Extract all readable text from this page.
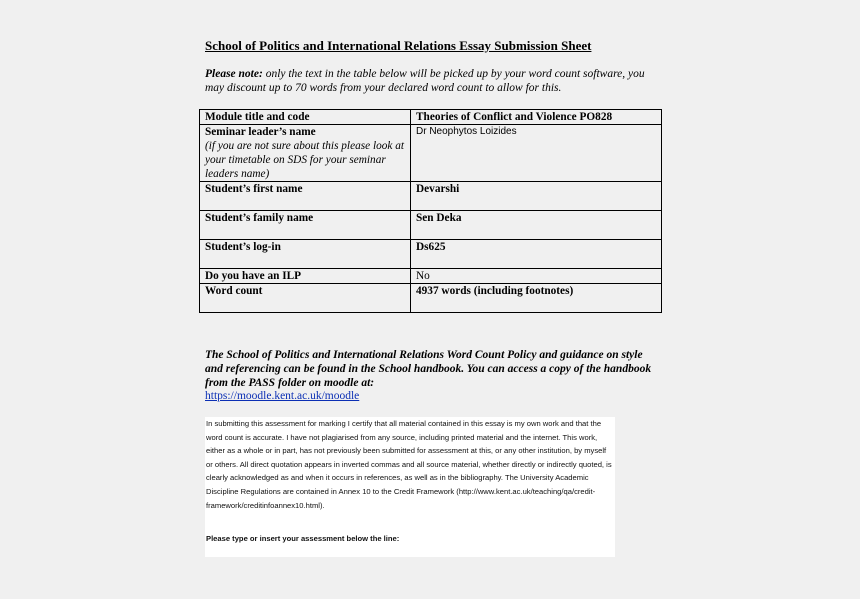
School of Politics and International Relations Essay Submission Sheet
Please note: only the text in the table below will be picked up by your word count software, you may discount up to 70 words from your declared word count to allow for this.
Module title and code	Theories of Conflict and Violence PO828
Seminar leader’s name
(if you are not sure about this please look at your timetable on SDS for your seminar leaders name)	Dr Neophytos Loizides
Student’s first name	Devarshi
Student’s family name	Sen Deka
Student’s log-in	Ds625
Do you have an ILP	No
Word count	4937 words (including footnotes)
The School of Politics and International Relations Word Count Policy and guidance on style and referencing can be found in the School handbook. You can access a copy of the handbook from the PASS folder on moodle at:
https://moodle.kent.ac.uk/moodle
In submitting this assessment for marking I certify that all material contained in this essay is my own work and that the word count is accurate. I have not plagiarised from any source, including printed material and the internet. This work, either as a whole or in part, has not previously been submitted for assessment at this, or any other institution, by myself or others. All direct quotation appears in inverted commas and all source material, whether directly or indirectly quoted, is clearly acknowledged as and when it occurs in references, as well as in the bibliography. The University Academic Discipline Regulations are contained in Annex 10 to the Credit Framework (http://www.kent.ac.uk/teaching/qa/credit-framework/creditinfoannex10.html).
Please type or insert your assessment below the line:
